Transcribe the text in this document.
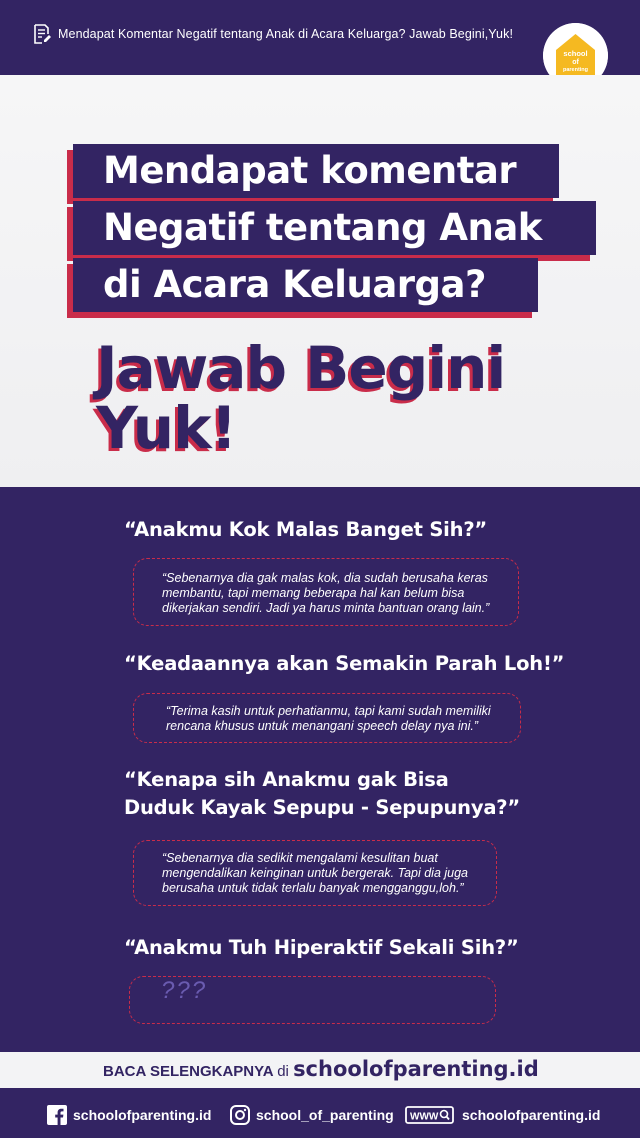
Mendapat Komentar Negatif tentang Anak di Acara Keluarga? Jawab Begini,Yuk!
school
of
parenting
Mendapat komentar
Negatif tentang Anak
di Acara Keluarga?
Jawab Begini
Yuk!
“Anakmu Kok Malas Banget Sih?”
“Sebenarnya dia gak malas kok, dia sudah berusaha keras membantu, tapi memang beberapa hal kan belum bisa dikerjakan sendiri. Jadi ya harus minta bantuan orang lain.”
“Keadaannya akan Semakin Parah Loh!”
“Terima kasih untuk perhatianmu, tapi kami sudah memiliki rencana khusus untuk menangani speech delay nya ini.”
“Kenapa sih Anakmu gak Bisa Duduk Kayak Sepupu - Sepupunya?”
“Sebenarnya dia sedikit mengalami kesulitan buat mengendalikan keinginan untuk bergerak. Tapi dia juga berusaha untuk tidak terlalu banyak mengganggu,loh.”
“Anakmu Tuh Hiperaktif Sekali Sih?”
???
BACA SELENGKAPNYA di schoolofparenting.id
schoolofparenting.id	school_of_parenting WWW schoolofparenting.id
